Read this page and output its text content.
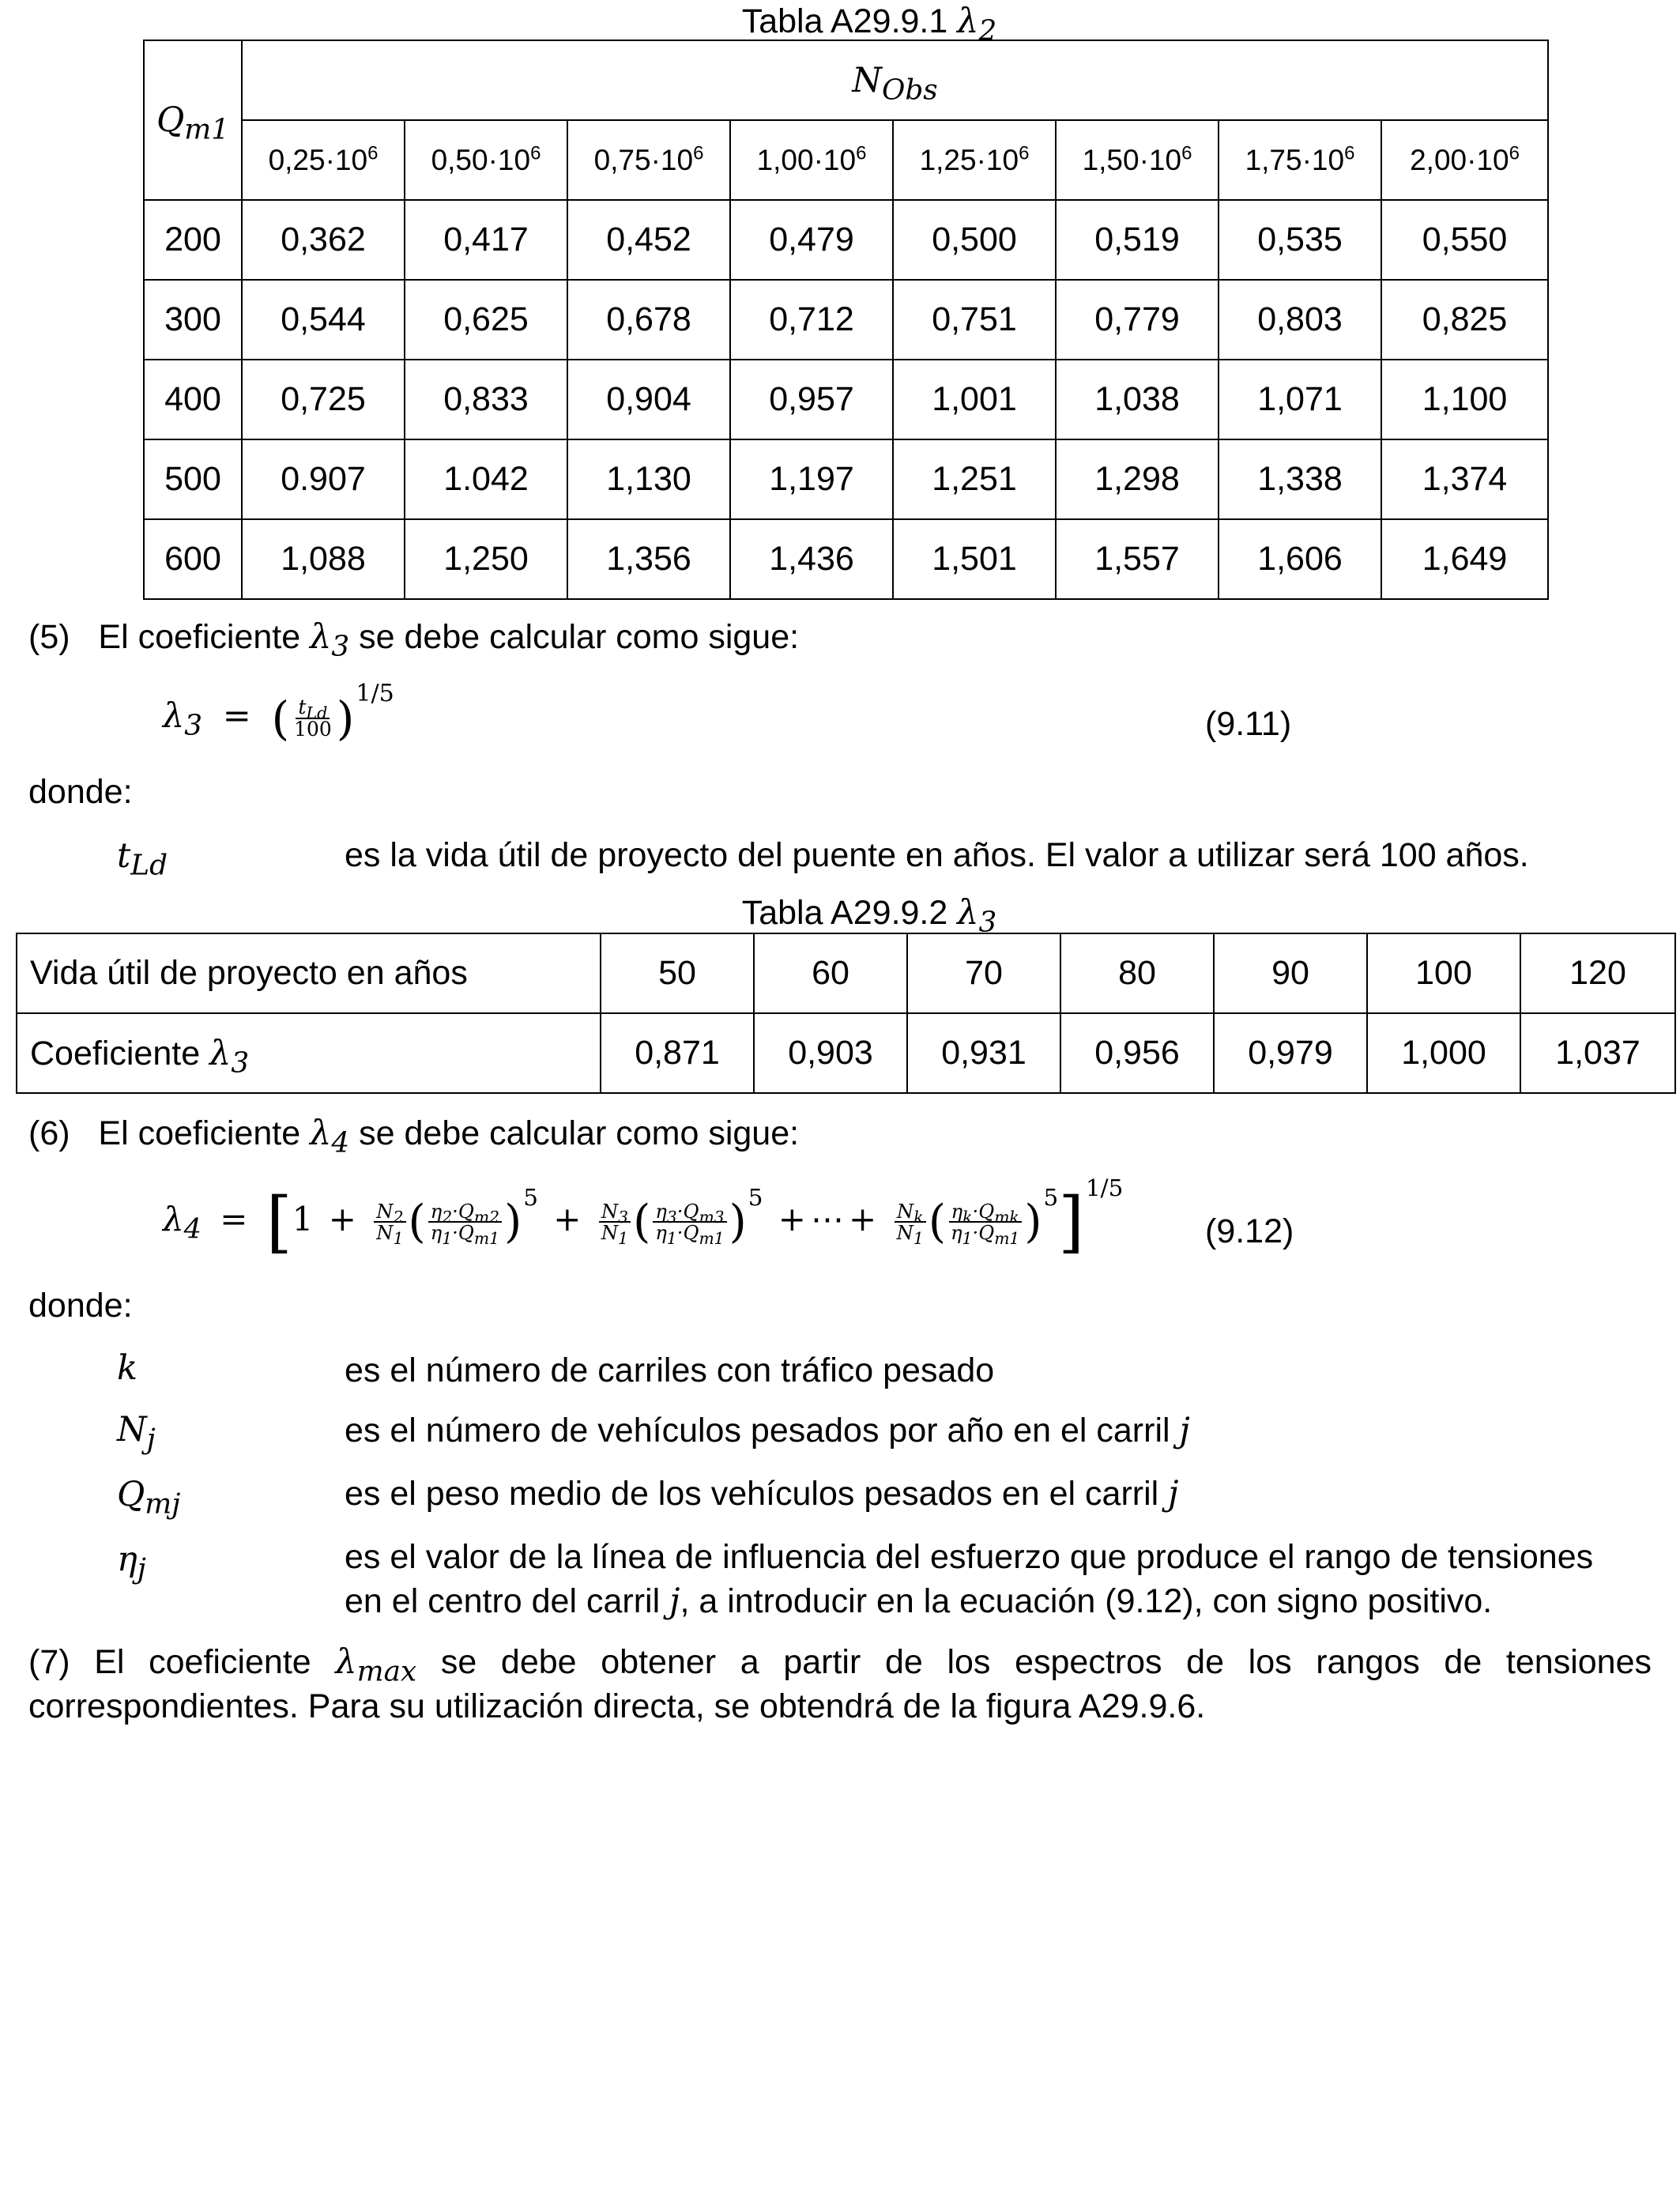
Tabla A29.9.1 $\lambda_2$
$Q_{m1}$	$N_{Obs}$
	$0,25\cdot 10^6$	$0,50\cdot 10^6$	$0,75\cdot 10^6$	$1,00\cdot 10^6$	$1,25\cdot 10^6$	$1,50\cdot 10^6$	$1,75\cdot 10^6$	$2,00\cdot 10^6$
200	0,362	0,417	0,452	0,479	0,500	0,519	0,535	0,550
300	0,544	0,625	0,678	0,712	0,751	0,779	0,803	0,825
400	0,725	0,833	0,904	0,957	1,001	1,038	1,071	1,100
500	0.907	1.042	1,130	1,197	1,251	1,298	1,338	1,374
600	1,088	1,250	1,356	1,436	1,501	1,557	1,606	1,649
(5) El coeficiente $\lambda_3$ se debe calcular como sigue:
$\lambda_3$ = ( $\frac{t_{Ld}}{100} )^{1/5}$
(9.11)
donde:
$t_{Ld}$	es la vida útil de proyecto del puente en años. El valor a utilizar será 100 años.
Tabla A29.9.2 $\lambda_3$
Vida útil de proyecto en años	50	60	70	80	90	100	120
Coeficiente $\lambda_3$	0,871	0,903	0,931	0,956	0,979	1,000	1,037
(6) El coeficiente $\lambda_4$ se debe calcular como sigue:
$\lambda_4 = [1 + \frac{N_2}{N_1}$ ( $\frac{\eta_2\cdot Q_{m2}}{\eta_1\cdot Q_{m1}} )^5 + \frac{N_3}{N_1}$ ( $\frac{\eta_3\cdot Q_{m3}}{\eta_1\cdot Q_{m1}} )^5$ + ⋯ + $\frac{N_k}{N_1}$ ( $\frac{\eta_k\cdot Q_{mk}}{\eta_1\cdot Q_{m1}} )^5]^{1/5}$
(9.12)
donde:
k	es el número de carriles con tráfico pesado
$N_j$	es el número de vehículos pesados por año en el carril j
$Q_{mj}$	es el peso medio de los vehículos pesados en el carril j
$\eta_j$	es el valor de la línea de influencia del esfuerzo que produce el rango de tensiones
en el centro del carril j, a introducir en la ecuación (9.12), con signo positivo.
(7) El coeficiente $\lambda_{max}$ se debe obtener a partir de los espectros de los rangos de tensiones correspondientes. Para su utilización directa, se obtendrá de la figura A29.9.6.
